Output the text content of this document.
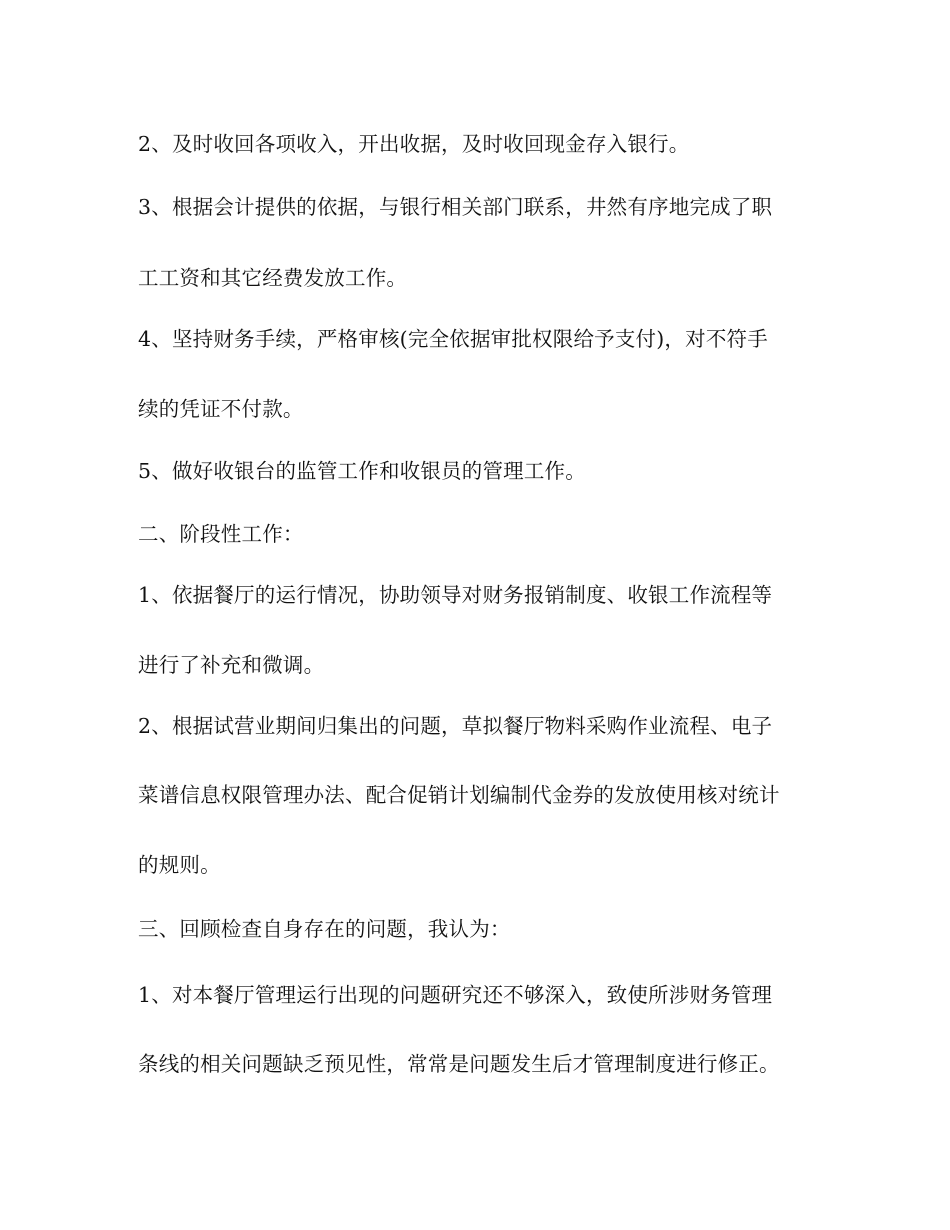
2、及时收回各项收入，开出收据，及时收回现金存入银行。
3、根据会计提供的依据，与银行相关部门联系，井然有序地完成了职
工工资和其它经费发放工作。
4、坚持财务手续，严格审核(完全依据审批权限给予支付)，对不符手
续的凭证不付款。
5、做好收银台的监管工作和收银员的管理工作。
二、阶段性工作：
1、依据餐厅的运行情况，协助领导对财务报销制度、收银工作流程等
进行了补充和微调。
2、根据试营业期间归集出的问题，草拟餐厅物料采购作业流程、电子
菜谱信息权限管理办法、配合促销计划编制代金券的发放使用核对统计
的规则。
三、回顾检查自身存在的问题，我认为：
1、对本餐厅管理运行出现的问题研究还不够深入，致使所涉财务管理
条线的相关问题缺乏预见性，常常是问题发生后才管理制度进行修正。
